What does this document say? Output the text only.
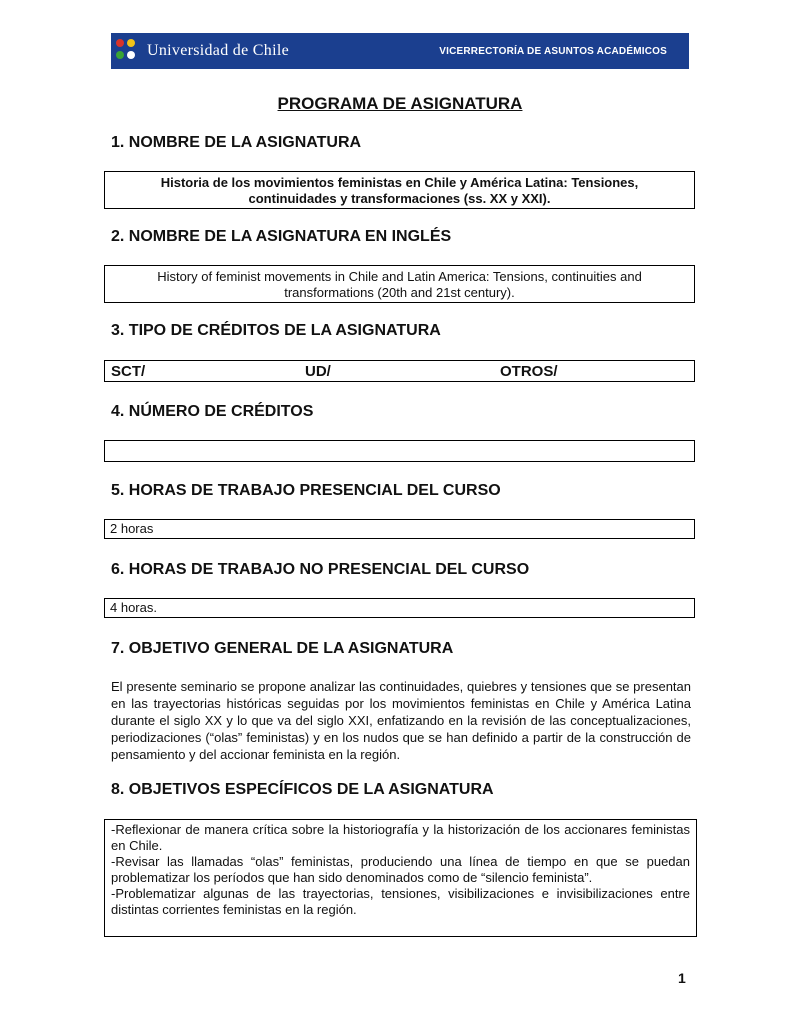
Universidad de Chile	VICERRECTORÍA DE ASUNTOS ACADÉMICOS
PROGRAMA DE ASIGNATURA
1. NOMBRE DE LA ASIGNATURA
Historia de los movimientos feministas en Chile y América Latina: Tensiones, continuidades y transformaciones (ss. XX y XXI).
2. NOMBRE DE LA ASIGNATURA EN INGLÉS
History of feminist movements in Chile and Latin America: Tensions, continuities and transformations (20th and 21st century).
3. TIPO DE CRÉDITOS DE LA ASIGNATURA
SCT/	UD/	OTROS/
4. NÚMERO DE CRÉDITOS
5. HORAS DE TRABAJO PRESENCIAL DEL CURSO
2 horas
6. HORAS DE TRABAJO NO PRESENCIAL DEL CURSO
4 horas.
7. OBJETIVO GENERAL DE LA ASIGNATURA
El presente seminario se propone analizar las continuidades, quiebres y tensiones que se presentan en las trayectorias históricas seguidas por los movimientos feministas en Chile y América Latina durante el siglo XX y lo que va del siglo XXI, enfatizando en la revisión de las conceptualizaciones, periodizaciones (“olas” feministas) y en los nudos que se han definido a partir de la construcción de pensamiento y del accionar feminista en la región.
8. OBJETIVOS ESPECÍFICOS DE LA ASIGNATURA
-Reflexionar de manera crítica sobre la historiografía y la historización de los accionares feministas en Chile.
-Revisar las llamadas “olas” feministas, produciendo una línea de tiempo en que se puedan problematizar los períodos que han sido denominados como de “silencio feminista”.
-Problematizar algunas de las trayectorias, tensiones, visibilizaciones e invisibilizaciones entre distintas corrientes feministas en la región.
1
